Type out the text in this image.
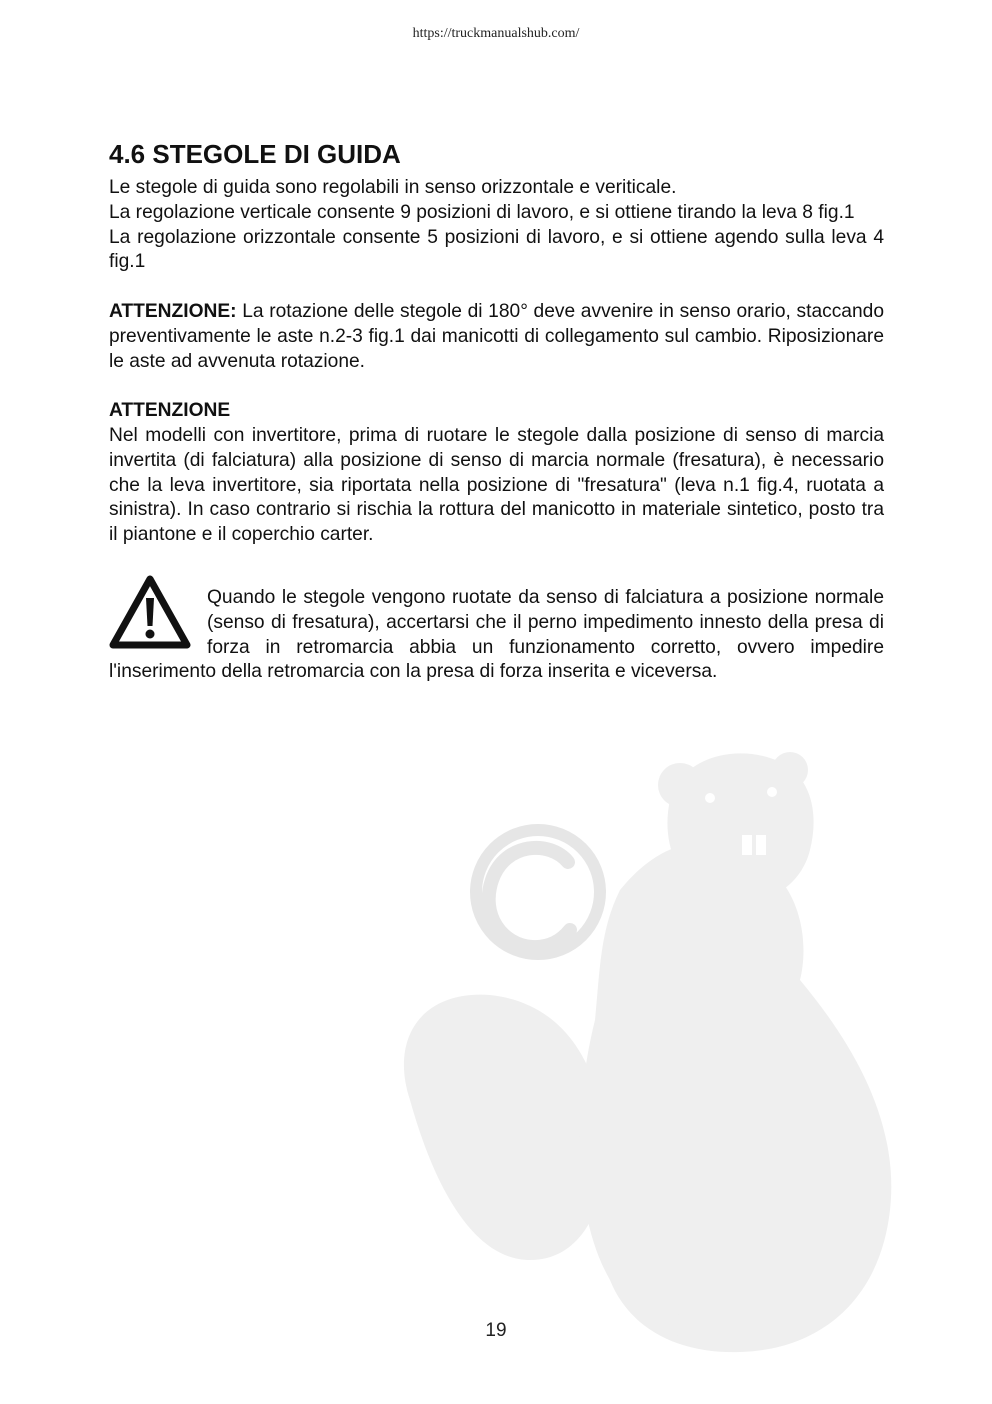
https://truckmanualshub.com/
4.6 STEGOLE DI GUIDA

Le stegole di guida sono regolabili in senso orizzontale e veriticale.

La regolazione verticale consente 9 posizioni di lavoro, e si ottiene tirando la leva 8 fig.1

La regolazione orizzontale consente 5 posizioni di lavoro, e si ottiene agendo sulla leva 4 fig.1

ATTENZIONE: La rotazione delle stegole di 180° deve avvenire in senso orario, staccando preventivamente le aste n.2-3 fig.1 dai manicotti di collegamento sul cambio. Riposizionare le aste ad avvenuta rotazione.

ATTENZIONE

Nel modelli con invertitore, prima di ruotare le stegole dalla posizione di senso di marcia invertita (di falciatura) alla posizione di senso di marcia normale (fresatura), è necessario che la leva invertitore, sia riportata nella posizione di "fresatura" (leva n.1 fig.4, ruotata a sinistra). In caso contrario si rischia la rottura del manicotto in materiale sintetico, posto tra il piantone e il coperchio carter.

Quando le stegole vengono ruotate da senso di falciatura a posizione normale (senso di fresatura), accertarsi che il perno impedimento innesto della presa di forza in retromarcia abbia un funzionamento corretto, ovvero impedire l'inserimento della retromarcia con la presa di forza inserita e viceversa.
19
